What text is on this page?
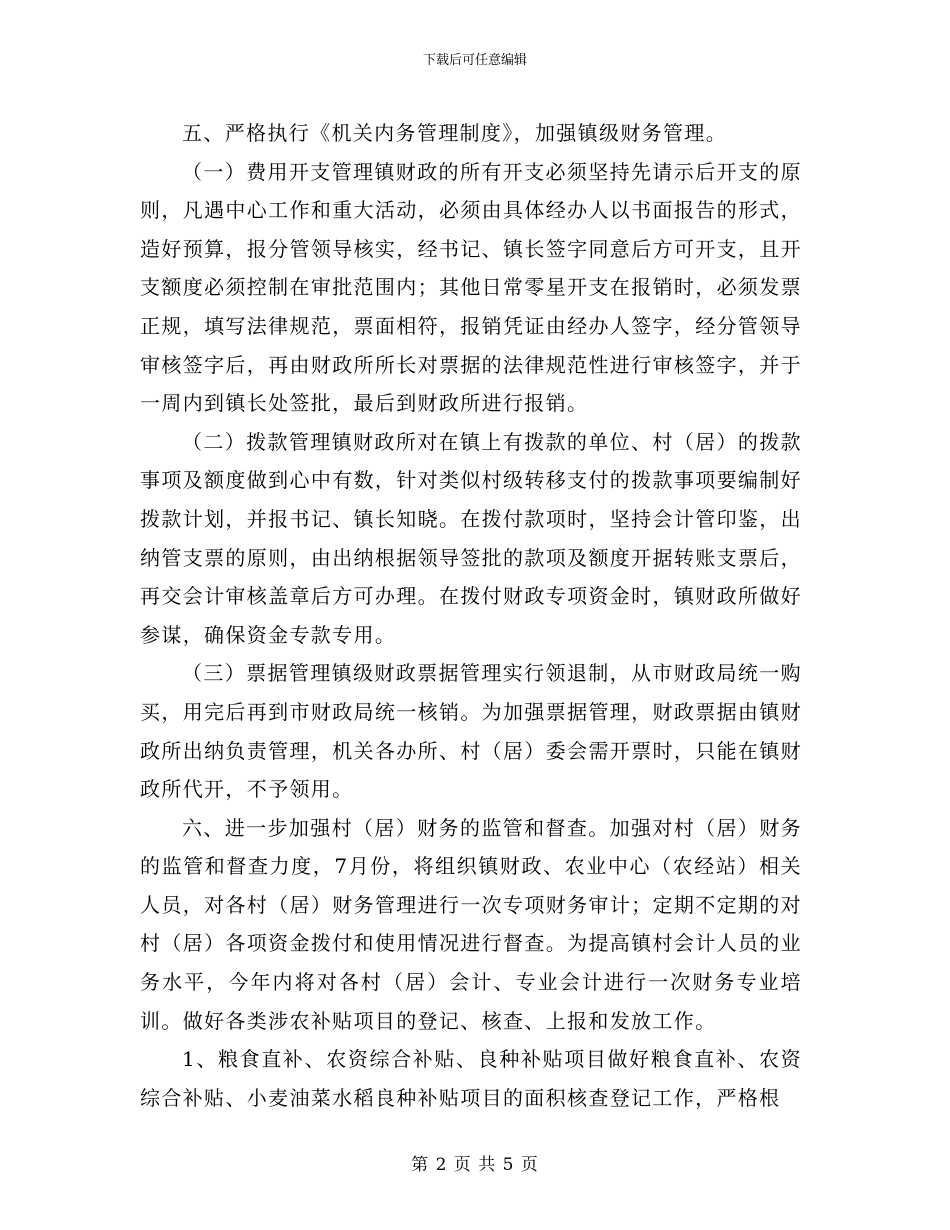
下载后可任意编辑

五、严格执行《机关内务管理制度》，加强镇级财务管理。

（一）费用开支管理镇财政的所有开支必须坚持先请示后开支的原则，凡遇中心工作和重大活动，必须由具体经办人以书面报告的形式，造好预算，报分管领导核实，经书记、镇长签字同意后方可开支，且开支额度必须控制在审批范围内；其他日常零星开支在报销时，必须发票正规，填写法律规范，票面相符，报销凭证由经办人签字，经分管领导审核签字后，再由财政所所长对票据的法律规范性进行审核签字，并于一周内到镇长处签批，最后到财政所进行报销。

（二）拨款管理镇财政所对在镇上有拨款的单位、村（居）的拨款事项及额度做到心中有数，针对类似村级转移支付的拨款事项要编制好拨款计划，并报书记、镇长知晓。在拨付款项时，坚持会计管印鉴，出纳管支票的原则，由出纳根据领导签批的款项及额度开据转账支票后，再交会计审核盖章后方可办理。在拨付财政专项资金时，镇财政所做好参谋，确保资金专款专用。

（三）票据管理镇级财政票据管理实行领退制，从市财政局统一购买，用完后再到市财政局统一核销。为加强票据管理，财政票据由镇财政所出纳负责管理，机关各办所、村（居）委会需开票时，只能在镇财政所代开，不予领用。

六、进一步加强村（居）财务的监管和督查。加强对村（居）财务的监管和督查力度，7月份，将组织镇财政、农业中心（农经站）相关人员，对各村（居）财务管理进行一次专项财务审计；定期不定期的对村（居）各项资金拨付和使用情况进行督查。为提高镇村会计人员的业务水平，今年内将对各村（居）会计、专业会计进行一次财务专业培训。做好各类涉农补贴项目的登记、核查、上报和发放工作。

1、粮食直补、农资综合补贴、良种补贴项目做好粮食直补、农资综合补贴、小麦油菜水稻良种补贴项目的面积核查登记工作，严格根

第 2 页 共 5 页
